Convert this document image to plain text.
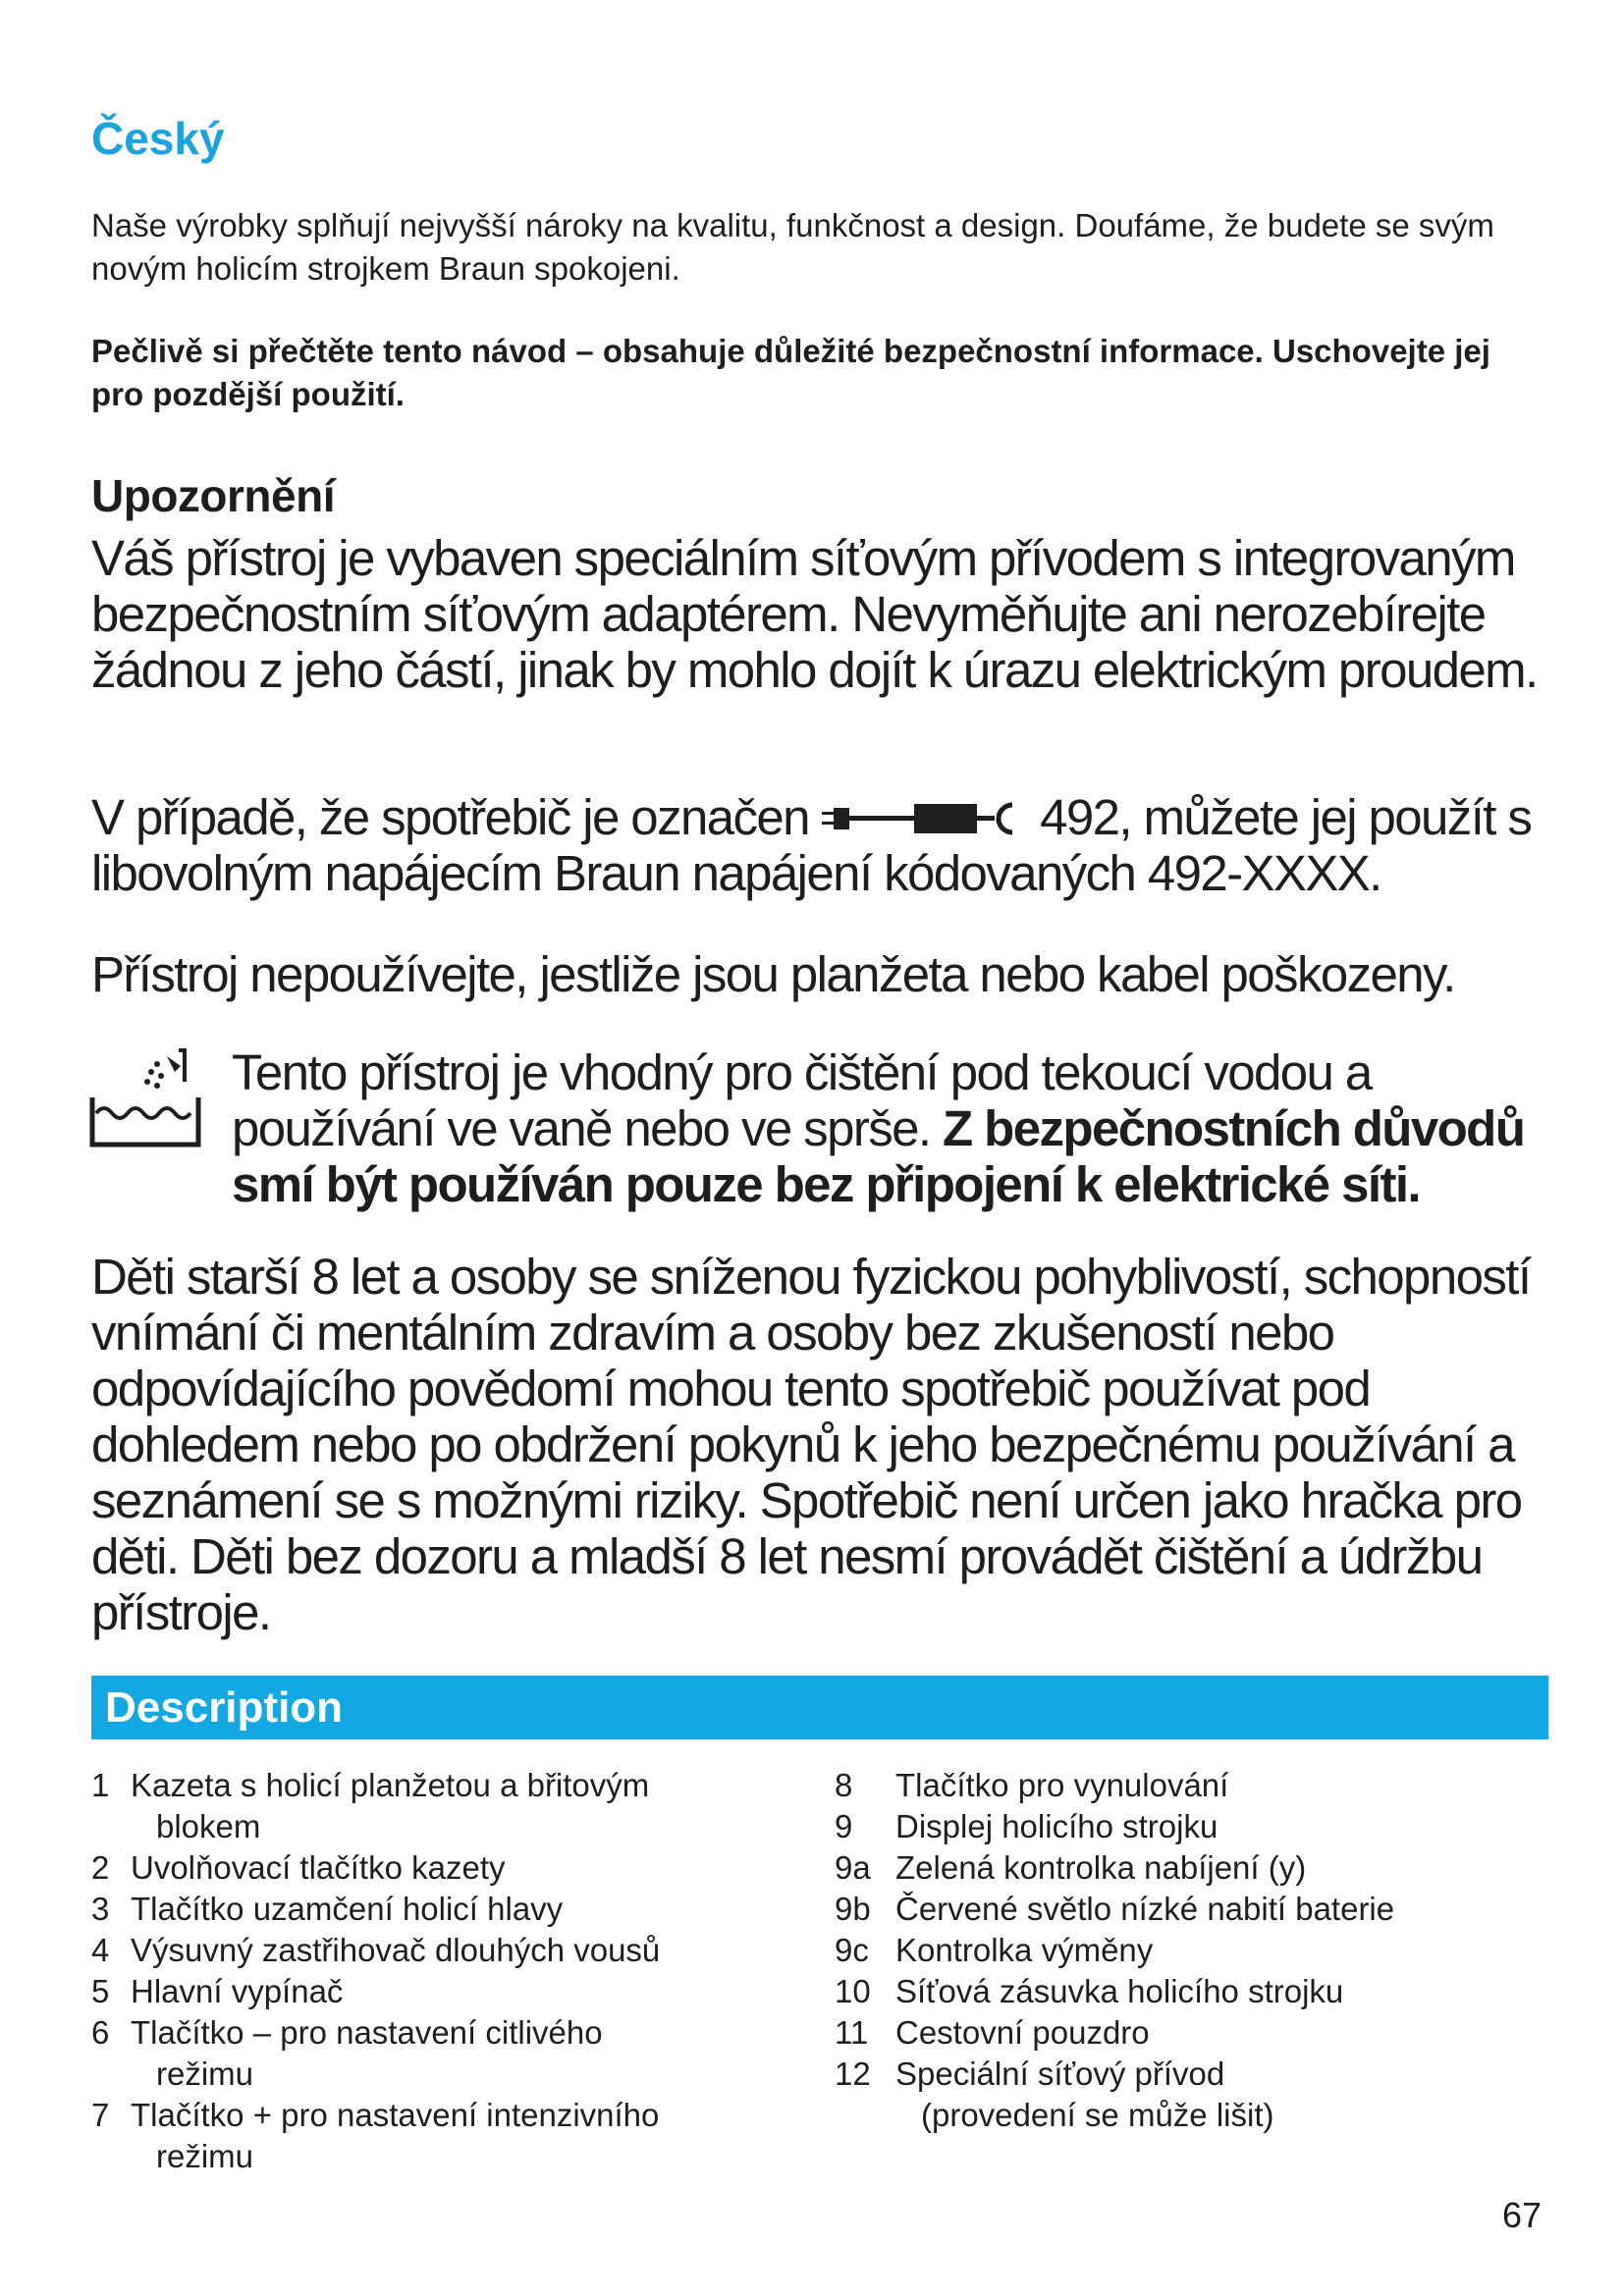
Český

Naše výrobky splňují nejvyšší nároky na kvalitu, funkčnost a design. Doufáme, že budete se svým novým holicím strojkem Braun spokojeni.

Pečlivě si přečtěte tento návod – obsahuje důležité bezpečnostní informace. Uschovejte jej pro pozdější použití.

Upozornění

Váš přístroj je vybaven speciálním síťovým přívodem s integrovaným bezpečnostním síťovým adaptérem. Nevyměňujte ani nerozebírejte žádnou z jeho částí, jinak by mohlo dojít k úrazu elektrickým proudem.

V případě, že spotřebič je označen	492, můžete jej použít s libovolným napájecím Braun napájení kódovaných 492-XXXX.

Přístroj nepoužívejte, jestliže jsou planžeta nebo kabel poškozeny.

Tento přístroj je vhodný pro čištění pod tekoucí vodou a používání ve vaně nebo ve sprše. Z bezpečnostních důvodů smí být používán pouze bez připojení k elektrické síti.

Děti starší 8 let a osoby se sníženou fyzickou pohyblivostí, schopností vnímání či mentálním zdravím a osoby bez zkušeností nebo odpovídajícího povědomí mohou tento spotřebič používat pod dohledem nebo po obdržení pokynů k jeho bezpečnému používání a seznámení se s možnými riziky. Spotřebič není určen jako hračka pro děti. Děti bez dozoru a mladší 8 let nesmí provádět čištění a údržbu přístroje.

Description
1 Kazeta s holicí planžetou a břitovým
blokem
2 Uvolňovací tlačítko kazety
3 Tlačítko uzamčení holicí hlavy
4 Výsuvný zastřihovač dlouhých vousů
5 Hlavní vypínač
6 Tlačítko – pro nastavení citlivého
režimu
7 Tlačítko + pro nastavení intenzivního
režimu
8 Tlačítko pro vynulování
9 Displej holicího strojku
9a Zelená kontrolka nabíjení (y)
9b Červené světlo nízké nabití baterie
9c Kontrolka výměny
10 Síťová zásuvka holicího strojku
11 Cestovní pouzdro
12 Speciální síťový přívod
(provedení se může lišit)

67
